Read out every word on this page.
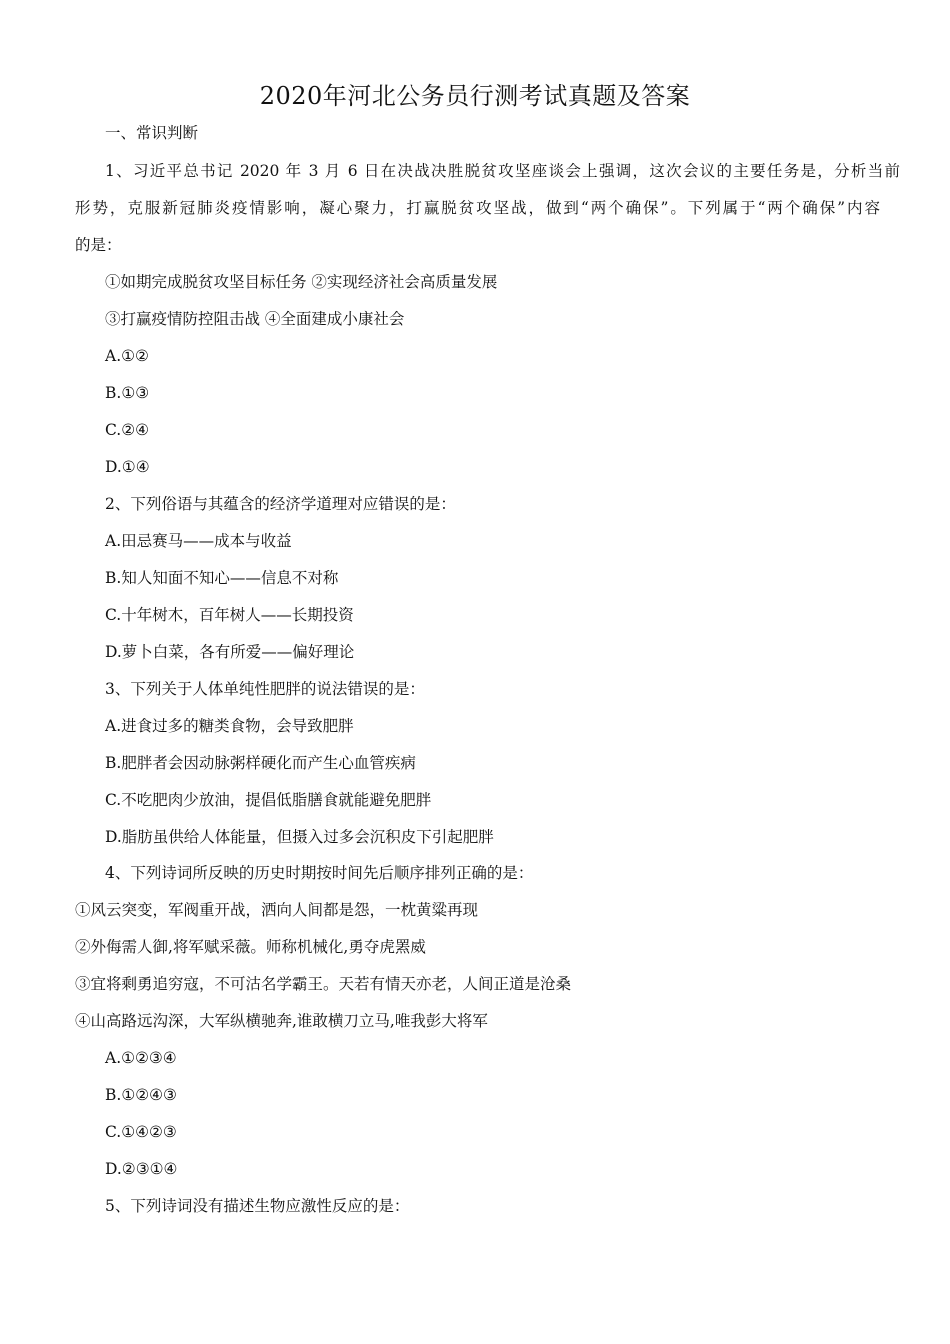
2020年河北公务员行测考试真题及答案
一、常识判断
1、习近平总书记 2020 年 3 月 6 日在决战决胜脱贫攻坚座谈会上强调，这次会议的主要任务是，分析当前
形势，克服新冠肺炎疫情影响，凝心聚力，打赢脱贫攻坚战，做到“两个确保”。下列属于“两个确保”内容
的是：
①如期完成脱贫攻坚目标任务 ②实现经济社会高质量发展
③打赢疫情防控阻击战 ④全面建成小康社会
A.①②
B.①③
C.②④
D.①④
2、下列俗语与其蕴含的经济学道理对应错误的是：
A.田忌赛马——成本与收益
B.知人知面不知心——信息不对称
C.十年树木，百年树人——长期投资
D.萝卜白菜，各有所爱——偏好理论
3、下列关于人体单纯性肥胖的说法错误的是：
A.进食过多的糖类食物，会导致肥胖
B.肥胖者会因动脉粥样硬化而产生心血管疾病
C.不吃肥肉少放油，提倡低脂膳食就能避免肥胖
D.脂肪虽供给人体能量，但摄入过多会沉积皮下引起肥胖
4、下列诗词所反映的历史时期按时间先后顺序排列正确的是：
①风云突变，军阀重开战，洒向人间都是怨，一枕黄粱再现
②外侮需人御,将军赋采薇。师称机械化,勇夺虎罴威
③宜将剩勇追穷寇，不可沽名学霸王。天若有情天亦老，人间正道是沧桑
④山高路远沟深，大军纵横驰奔,谁敢横刀立马,唯我彭大将军
A.①②③④
B.①②④③
C.①④②③
D.②③①④
5、下列诗词没有描述生物应激性反应的是：
